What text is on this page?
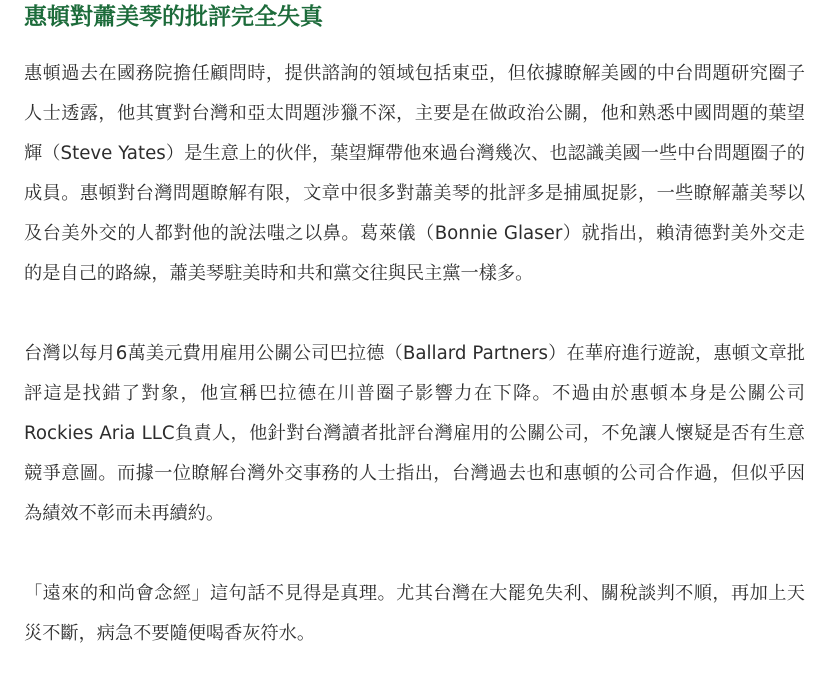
惠頓對蕭美琴的批評完全失真

惠頓過去在國務院擔任顧問時，提供諮詢的領域包括東亞，但依據瞭解美國的中台問題研究圈子人士透露，他其實對台灣和亞太問題涉獵不深，主要是在做政治公關，他和熟悉中國問題的葉望輝（Steve Yates）是生意上的伙伴，葉望輝帶他來過台灣幾次、也認識美國一些中台問題圈子的成員。惠頓對台灣問題瞭解有限，文章中很多對蕭美琴的批評多是捕風捉影，一些瞭解蕭美琴以及台美外交的人都對他的說法嗤之以鼻。葛萊儀（Bonnie Glaser）就指出，賴清德對美外交走的是自己的路線，蕭美琴駐美時和共和黨交往與民主黨一樣多。

台灣以每月6萬美元費用雇用公關公司巴拉德（Ballard Partners）在華府進行遊說，惠頓文章批評這是找錯了對象，他宣稱巴拉德在川普圈子影響力在下降。不過由於惠頓本身是公關公司Rockies Aria LLC負責人，他針對台灣讀者批評台灣雇用的公關公司，不免讓人懷疑是否有生意競爭意圖。而據一位瞭解台灣外交事務的人士指出，台灣過去也和惠頓的公司合作過，但似乎因為績效不彰而未再續約。

「遠來的和尚會念經」這句話不見得是真理。尤其台灣在大罷免失利、關稅談判不順，再加上天災不斷，病急不要隨便喝香灰符水。
